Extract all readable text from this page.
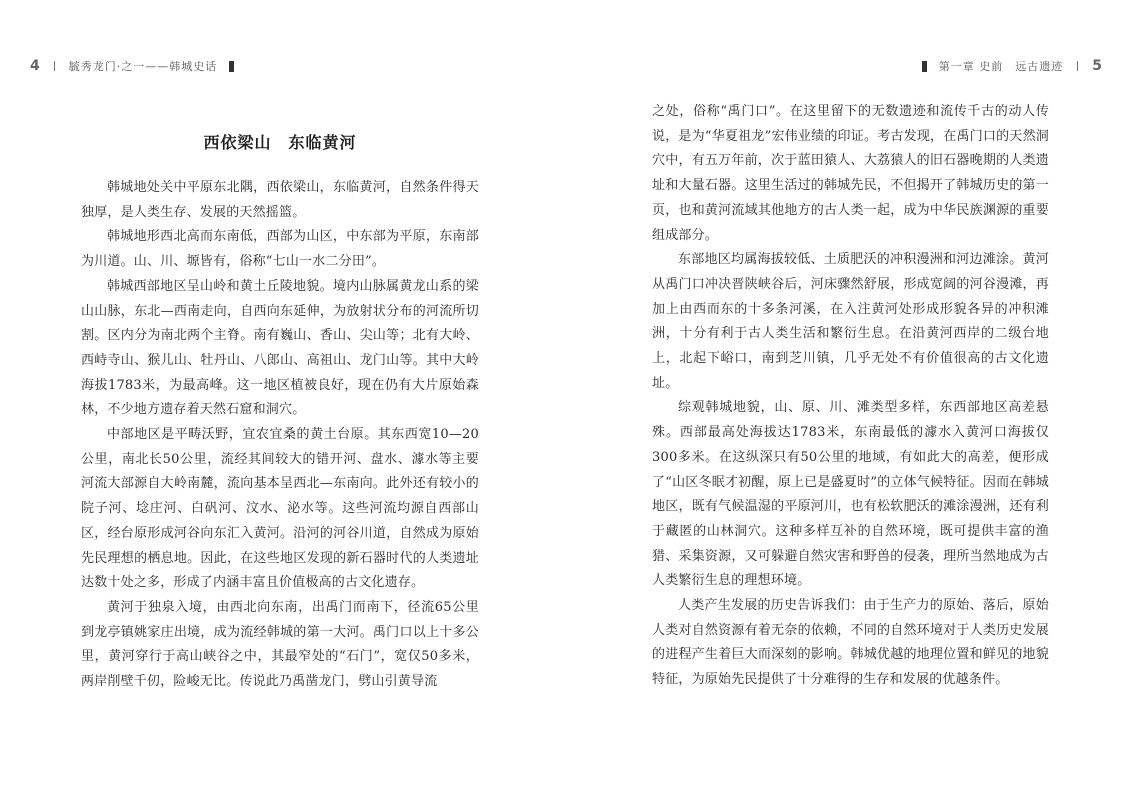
4	毓秀龙门·之一——韩城史话
西依梁山　东临黄河

韩城地处关中平原东北隅，西依梁山，东临黄河，自然条件得天独厚，是人类生存、发展的天然摇篮。

韩城地形西北高而东南低，西部为山区，中东部为平原，东南部为川道。山、川、塬皆有，俗称“七山一水二分田”。

韩城西部地区呈山岭和黄土丘陵地貌。境内山脉属黄龙山系的梁山山脉，东北—西南走向，自西向东延伸，为放射状分布的河流所切割。区内分为南北两个主脊。南有巍山、香山、尖山等；北有大岭、西峙寺山、猴儿山、牡丹山、八郎山、高祖山、龙门山等。其中大岭海拔1783米，为最高峰。这一地区植被良好，现在仍有大片原始森林，不少地方遗存着天然石窟和洞穴。

中部地区是平畴沃野，宜农宜桑的黄土台原。其东西宽10—20公里，南北长50公里，流经其间较大的错开河、盘水、澽水等主要河流大部源自大岭南麓，流向基本呈西北—东南向。此外还有较小的院子河、埝庄河、白矾河、汶水、泌水等。这些河流均源自西部山区，经台原形成河谷向东汇入黄河。沿河的河谷川道，自然成为原始先民理想的栖息地。因此，在这些地区发现的新石器时代的人类遗址达数十处之多，形成了内涵丰富且价值极高的古文化遗存。

黄河于独泉入境，由西北向东南，出禹门而南下，径流65公里到龙亭镇姚家庄出境，成为流经韩城的第一大河。禹门口以上十多公里，黄河穿行于高山峡谷之中，其最窄处的“石门”，宽仅50多米，两岸削壁千仞，险峻无比。传说此乃禹凿龙门，劈山引黄导流

第一章 史前　远古遗迹 5

之处，俗称“禹门口”。在这里留下的无数遗迹和流传千古的动人传说，是为“华夏祖龙”宏伟业绩的印证。考古发现，在禹门口的天然洞穴中，有五万年前，次于蓝田猿人、大荔猿人的旧石器晚期的人类遗址和大量石器。这里生活过的韩城先民，不但揭开了韩城历史的第一页，也和黄河流域其他地方的古人类一起，成为中华民族渊源的重要组成部分。

东部地区均属海拔较低、土质肥沃的冲积漫洲和河边滩涂。黄河从禹门口冲决晋陕峡谷后，河床骤然舒展，形成宽阔的河谷漫滩，再加上由西而东的十多条河溪，在入注黄河处形成形貌各异的冲积滩洲，十分有利于古人类生活和繁衍生息。在沿黄河西岸的二级台地上，北起下峪口，南到芝川镇，几乎无处不有价值很高的古文化遗址。

综观韩城地貌，山、原、川、滩类型多样，东西部地区高差悬殊。西部最高处海拔达1783米，东南最低的澽水入黄河口海拔仅300多米。在这纵深只有50公里的地域，有如此大的高差，便形成了“山区冬眠才初醒，原上已是盛夏时”的立体气候特征。因而在韩城地区，既有气候温湿的平原河川，也有松软肥沃的滩涂漫洲，还有利于藏匿的山林洞穴。这种多样互补的自然环境，既可提供丰富的渔猎、采集资源，又可躲避自然灾害和野兽的侵袭，理所当然地成为古人类繁衍生息的理想环境。

人类产生发展的历史告诉我们：由于生产力的原始、落后，原始人类对自然资源有着无奈的依赖，不同的自然环境对于人类历史发展的进程产生着巨大而深刻的影响。韩城优越的地理位置和鲜见的地貌特征，为原始先民提供了十分难得的生存和发展的优越条件。
